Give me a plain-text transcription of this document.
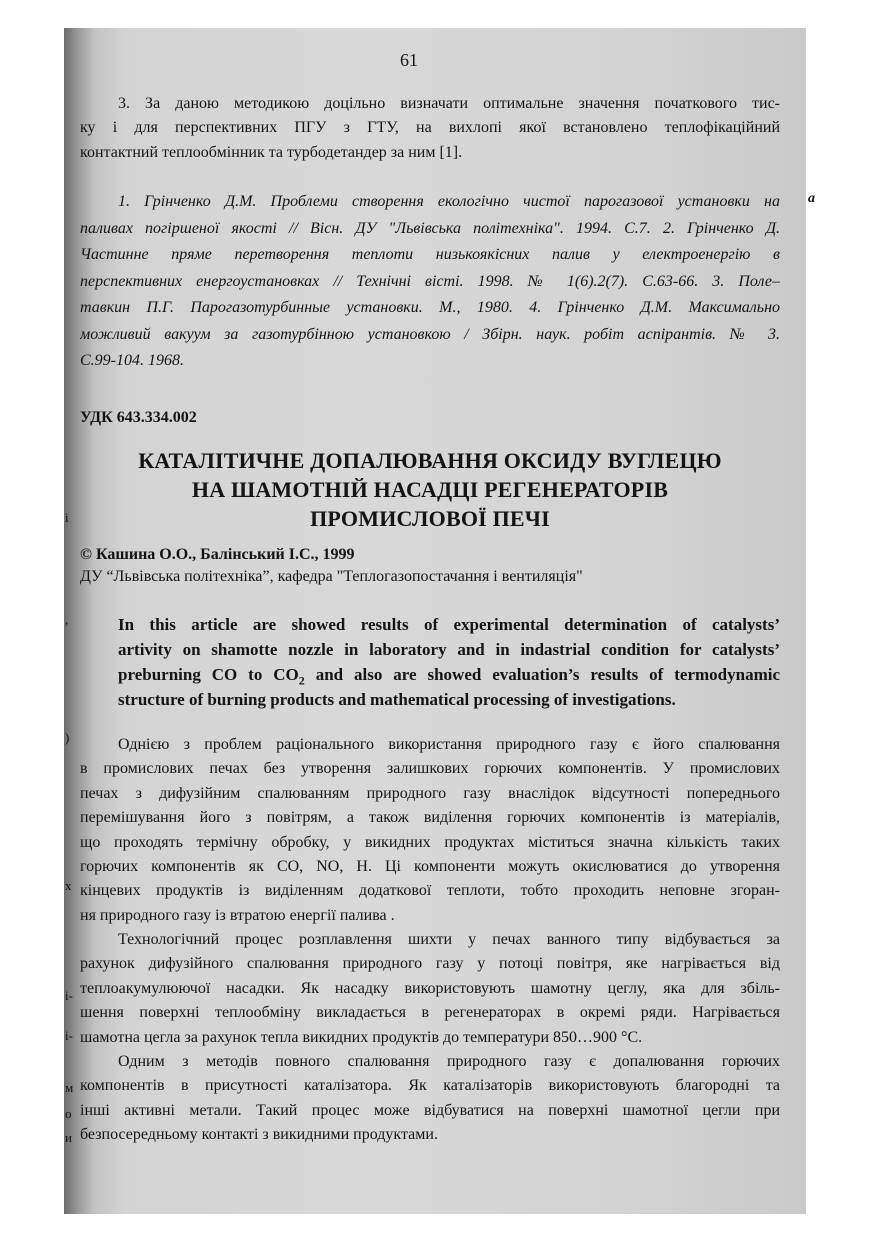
і
,
)
х
і-
і-
м
о
и
a
61
3. За даною методикою доцільно визначати оптимальне значення початкового тис-
ку і для перспективних ПГУ з ГТУ, на вихлопі якої встановлено теплофікаційний
контактний теплообмінник та турбодетандер за ним [1].
1. Грінченко Д.М. Проблеми створення екологічно чистої парогазової установки на
паливах погіршеної якості // Вісн. ДУ "Львівська політехніка". 1994. С.7. 2. Грінченко Д.
Частинне пряме перетворення теплоти низькоякісних палив у електроенергію в
перспективних енергоустановках // Технічні вісті. 1998. № 1(6).2(7). С.63-66. 3. Поле–
тавкин П.Г. Парогазотурбинные установки. М., 1980. 4. Грінченко Д.М. Максимально
можливий вакуум за газотурбінною установкою / Збірн. наук. робіт аспірантів. № 3.
С.99-104. 1968.
УДК 643.334.002
КАТАЛІТИЧНЕ ДОПАЛЮВАННЯ ОКСИДУ ВУГЛЕЦЮ
НА ШАМОТНІЙ НАСАДЦІ РЕГЕНЕРАТОРІВ
ПРОМИСЛОВОЇ ПЕЧІ
© Кашина О.О., Балінський І.С., 1999
ДУ “Львівська політехніка”, кафедра "Теплогазопостачання і вентиляція"
In this article are showed results of experimental determination of catalysts’
artivity on shamotte nozzle in laboratory and in indastrial condition for catalysts’
preburning CO to $CO_2$ and also are showed evaluation’s results of termodynamic
structure of burning products and mathematical processing of investigations.
Однією з проблем раціонального використання природного газу є його спалювання
в промислових печах без утворення залишкових горючих компонентів. У промислових
печах з дифузійним спалюванням природного газу внаслідок відсутності попереднього
перемішування його з повітрям, а також виділення горючих компонентів із матеріалів,
що проходять термічну обробку, у викидних продуктах міститься значна кількість таких
горючих компонентів як СО, NO, Н. Ці компоненти можуть окислюватися до утворення
кінцевих продуктів із виділенням додаткової теплоти, тобто проходить неповне згоран-
ня природного газу із втратою енергії палива .
Технологічний процес розплавлення шихти у печах ванного типу відбувається за
рахунок дифузійного спалювання природного газу у потоці повітря, яке нагрівається від
теплоакумулюючої насадки. Як насадку використовують шамотну цеглу, яка для збіль-
шення поверхні теплообміну викладається в регенераторах в окремі ряди. Нагрівається
шамотна цегла за рахунок тепла викидних продуктів до температури 850…900 °С.
Одним з методів повного спалювання природного газу є допалювання горючих
компонентів в присутності каталізатора. Як каталізаторів використовують благородні та
інші активні метали. Такий процес може відбуватися на поверхні шамотної цегли при
безпосередньому контакті з викидними продуктами.
